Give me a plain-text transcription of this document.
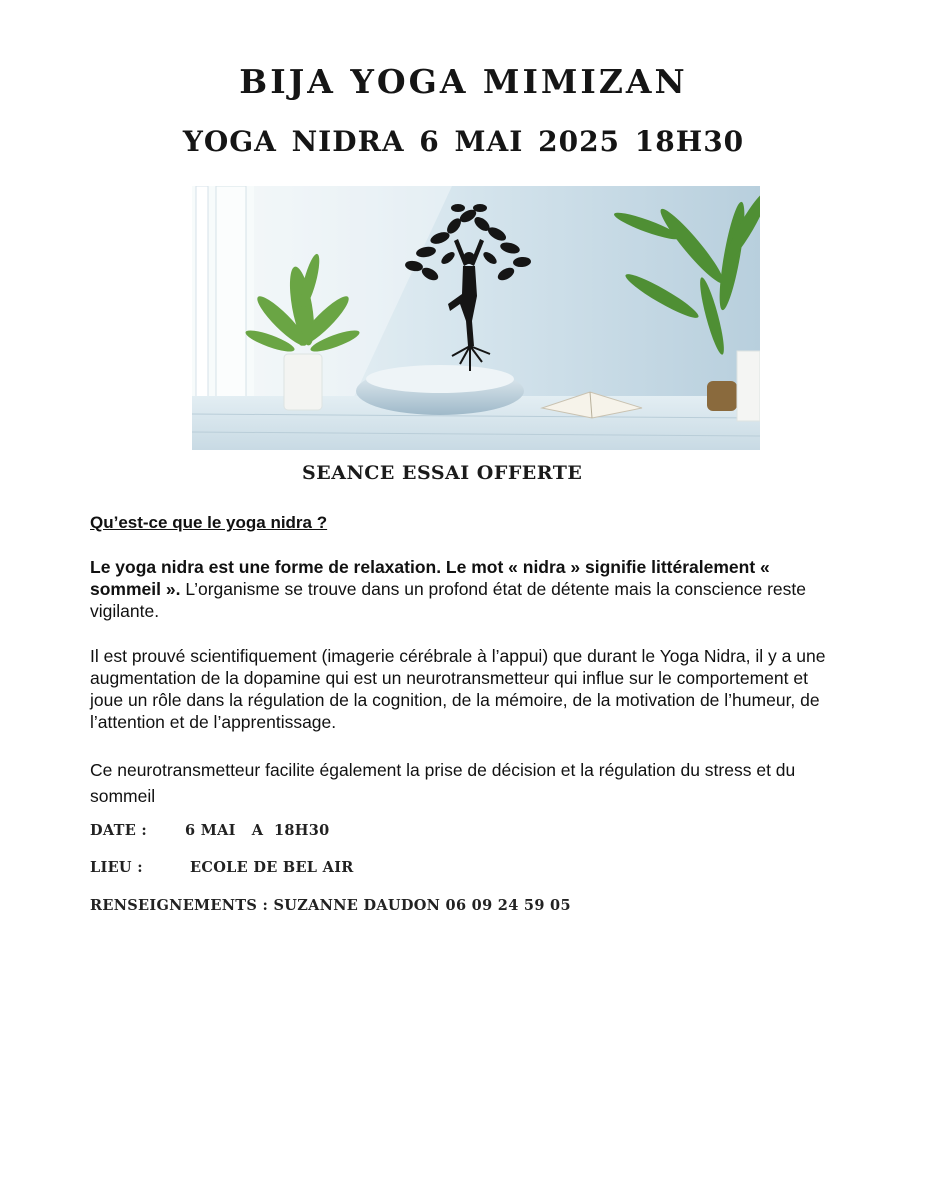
BIJA YOGA MIMIZAN
YOGA NIDRA 6 MAI 2025 18H30
SEANCE ESSAI OFFERTE
Qu’est-ce que le yoga nidra ?

Le yoga nidra est une forme de relaxation. Le mot « nidra » signifie littéralement « sommeil ». L’organisme se trouve dans un profond état de détente mais la conscience reste vigilante.

Il est prouvé scientifiquement (imagerie cérébrale à l’appui) que durant le Yoga Nidra, il y a une augmentation de la dopamine qui est un neurotransmetteur qui influe sur le comportement et joue un rôle dans la régulation de la cognition, de la mémoire, de la motivation de l’humeur, de l’attention et de l’apprentissage.

Ce neurotransmetteur facilite également la prise de décision et la régulation du stress et du sommeil

DATE :	6 MAI   A  18H30
LIEU :	ECOLE DE BEL AIR
RENSEIGNEMENTS : SUZANNE DAUDON 06 09 24 59 05
